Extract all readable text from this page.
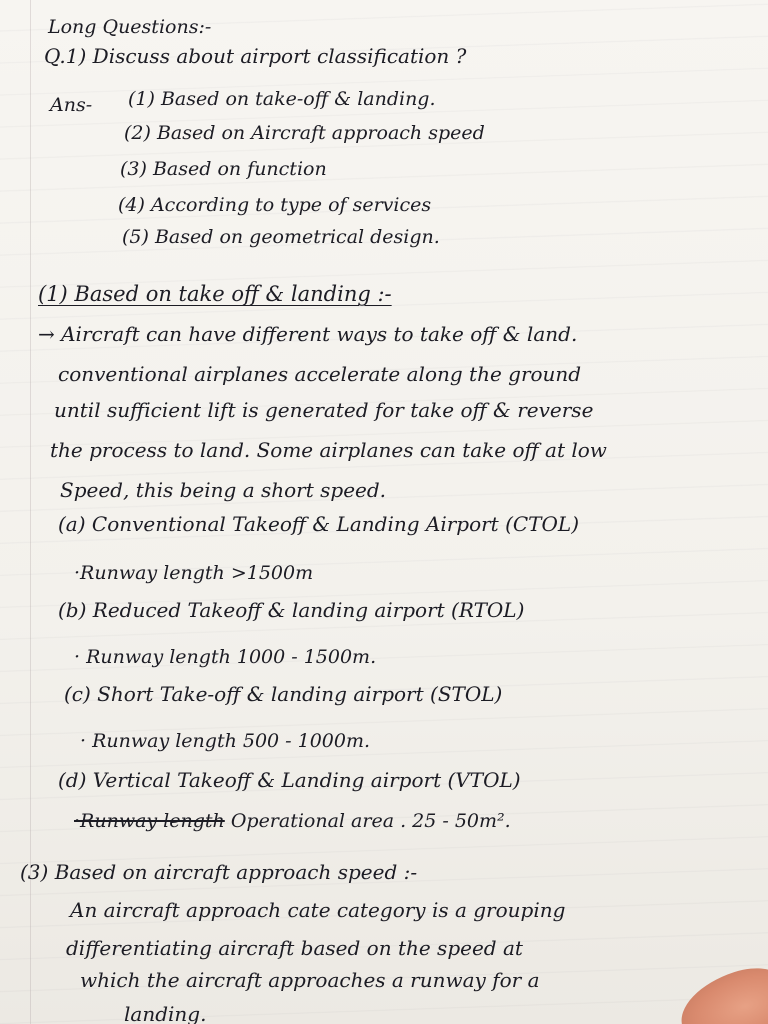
Long Questions:-
Q.1) Discuss about airport classification ?
Ans- (1) Based on take-off & landing.
(2) Based on Aircraft approach speed
(3) Based on function
(4) According to type of services
(5) Based on geometrical design.
(1) Based on take off & landing :-
→ Aircraft can have different ways to take off & land.
conventional airplanes accelerate along the ground
until sufficient lift is generated for take off & reverse
the process to land. Some airplanes can take off at low
Speed, this being a short speed.
(a) Conventional Takeoff & Landing Airport (CTOL)
·Runway length >1500m
(b) Reduced Takeoff & landing airport (RTOL)
· Runway length 1000 - 1500m.
(c) Short Take-off & landing airport (STOL)
· Runway length 500 - 1000m.
(d) Vertical Takeoff & Landing airport (VTOL)
·Runway length Operational area . 25 - 50m².
(3) Based on aircraft approach speed :-
An aircraft approach cate category is a grouping
differentiating aircraft based on the speed at
which the aircraft approaches a runway for a
landing.
